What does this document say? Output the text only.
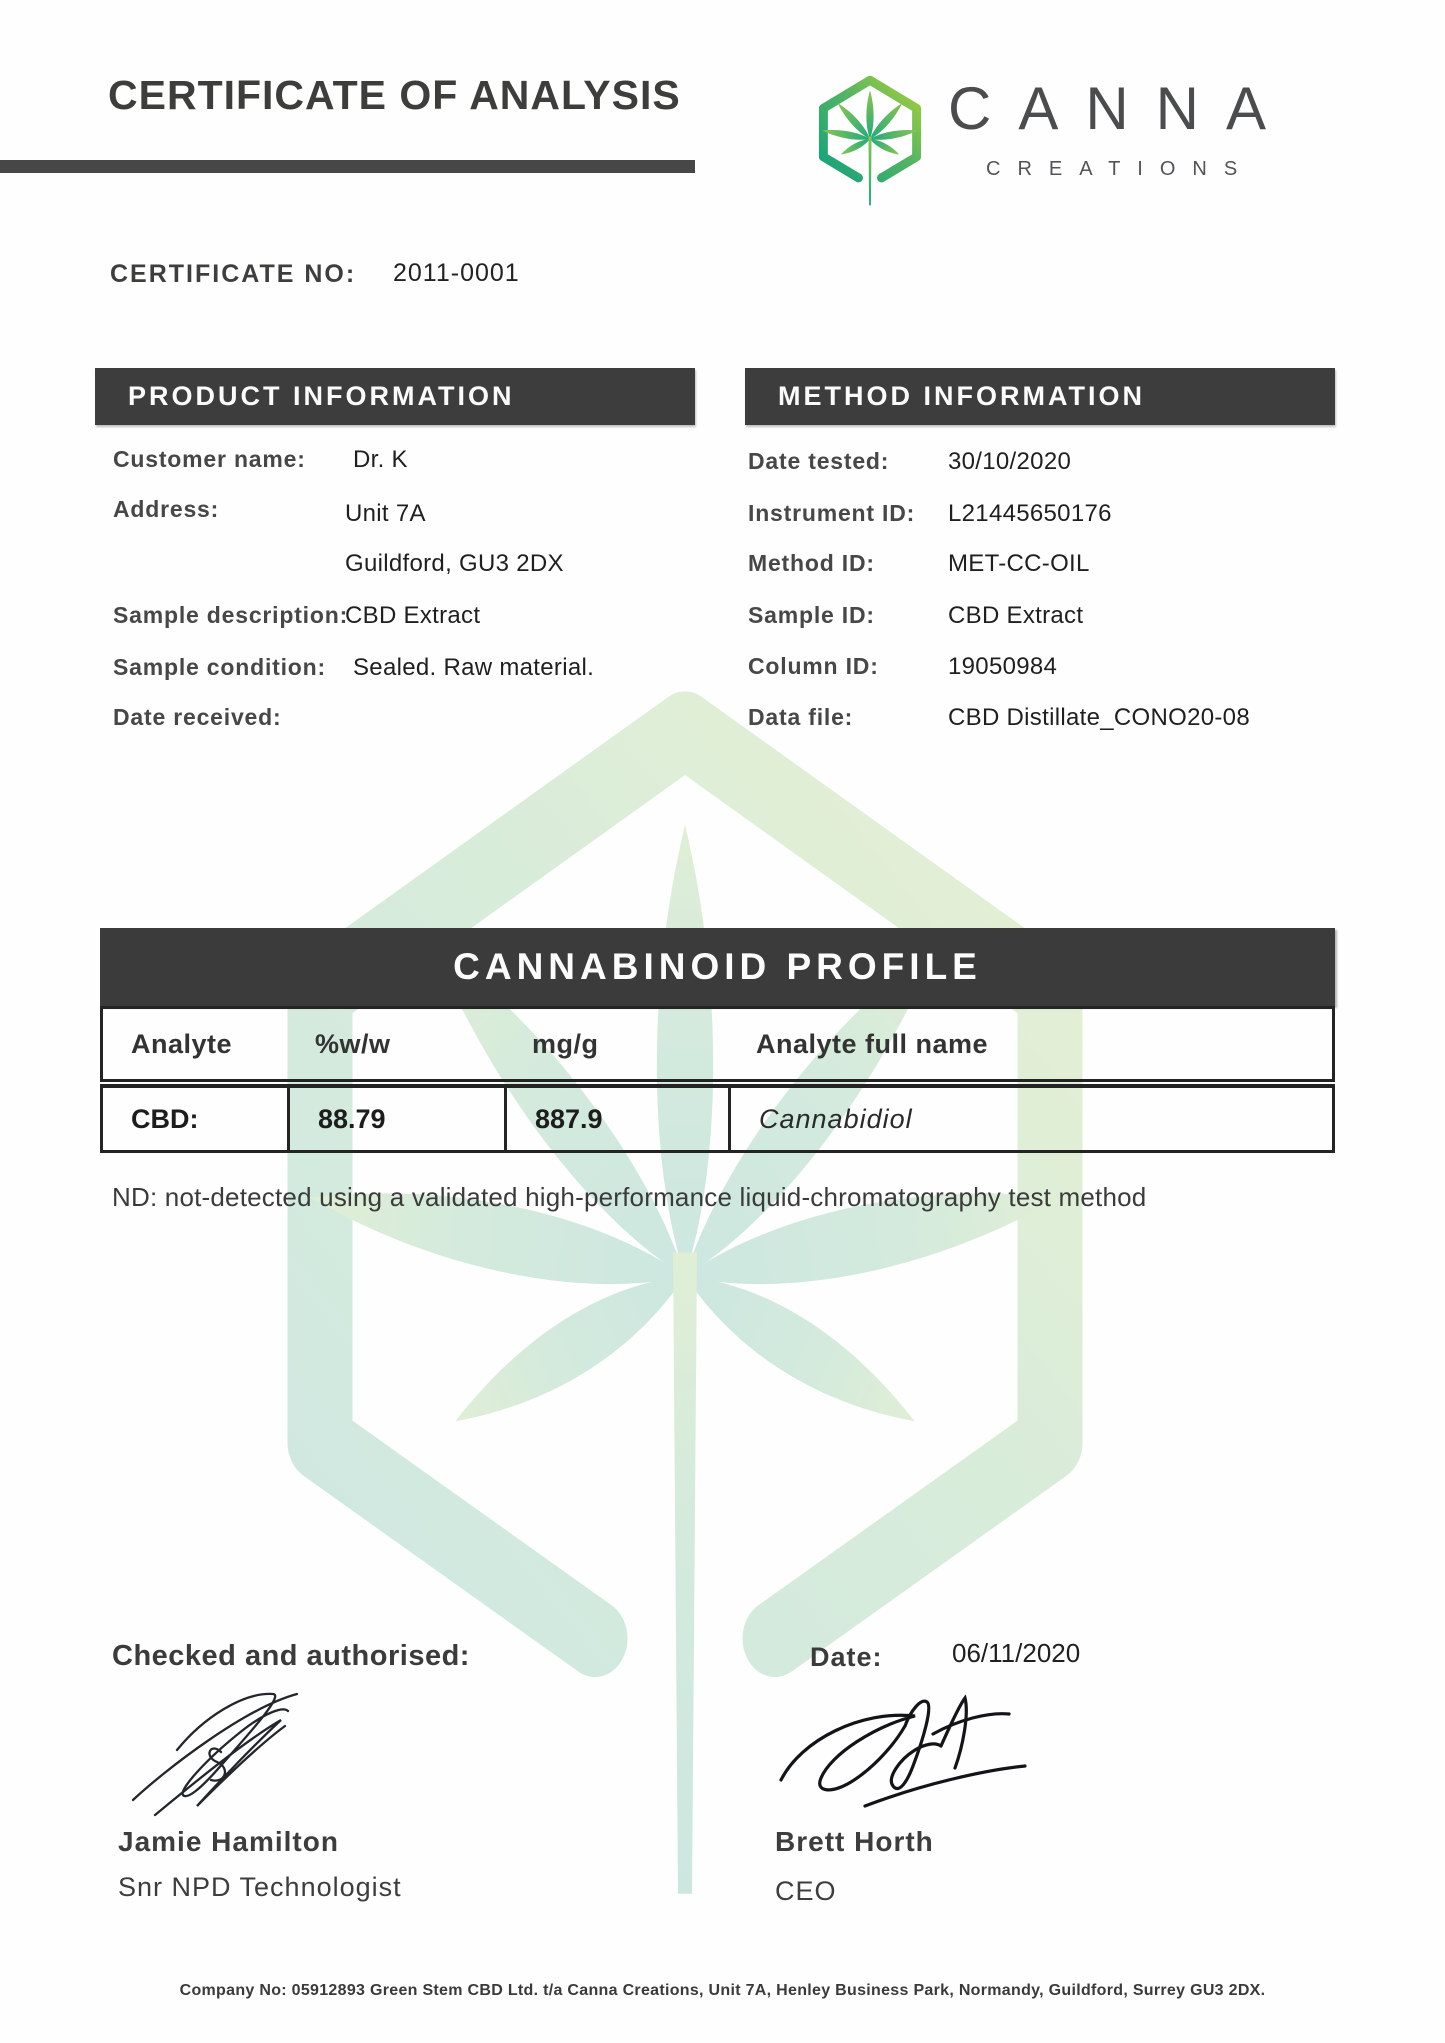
CERTIFICATE OF ANALYSIS	CANNA
CREATIONS
CERTIFICATE NO: 2011-0001
PRODUCT INFORMATION	METHOD INFORMATION
Customer name: Dr. K
Address:	Unit 7A
Guildford, GU3 2DX
Sample description:
CBD Extract
Sample condition: Sealed. Raw material.
Date received:
Date tested: 30/10/2020
Instrument ID: L21445650176
Method ID:	MET-CC-OIL
Sample ID:	CBD Extract
Column ID:	19050984
Data file:	CBD Distillate_CONO20-08
CANNABINOID PROFILE
Analyte	%w/w	mg/g	Analyte full name
CBD:	88.79	887.9	Cannabidiol
ND: not-detected using a validated high-performance liquid-chromatography test method
Checked and authorised:	Date:	06/11/2020
Jamie Hamilton
Snr NPD Technologist
Brett Horth
CEO
Company No: 05912893 Green Stem CBD Ltd. t/a Canna Creations, Unit 7A, Henley Business Park, Normandy, Guildford, Surrey GU3 2DX.
